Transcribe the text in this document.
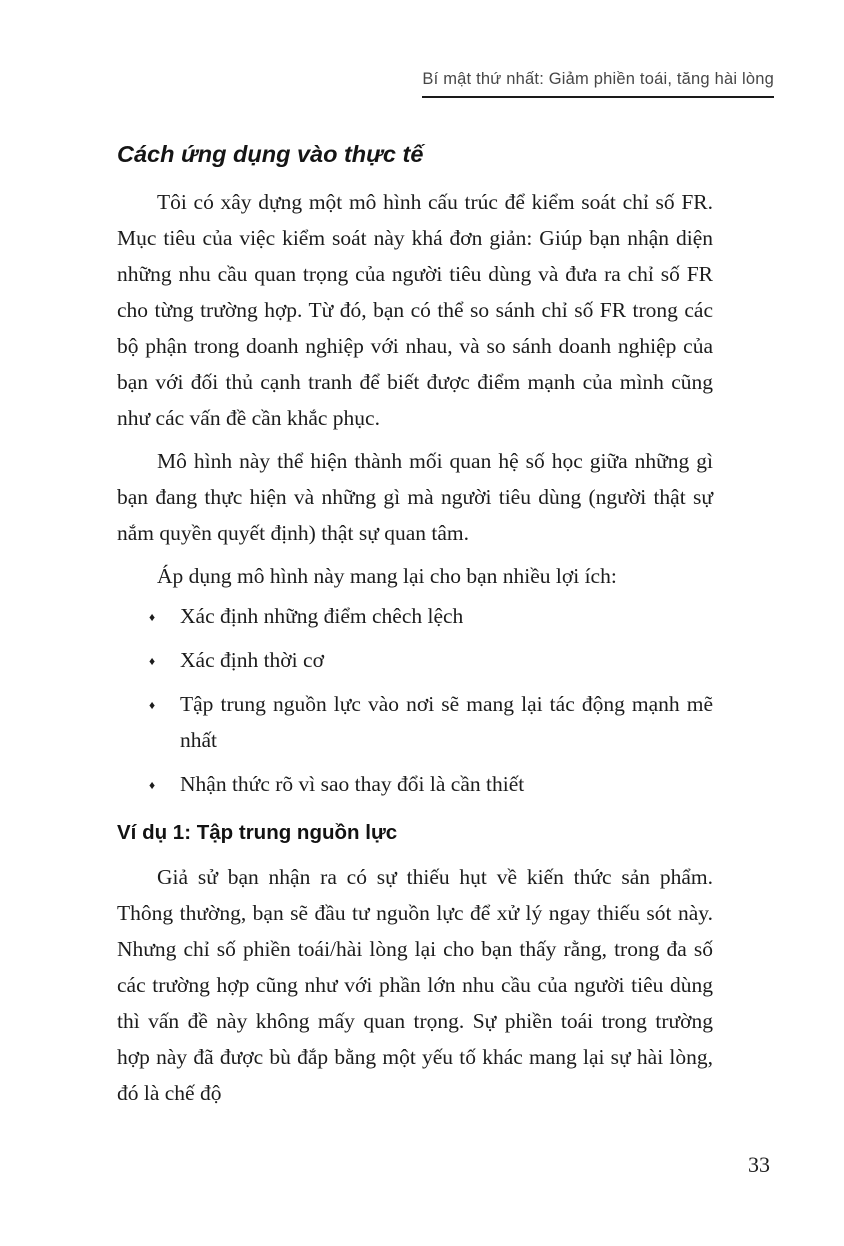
Bí mật thứ nhất: Giảm phiền toái, tăng hài lòng
Cách ứng dụng vào thực tế

Tôi có xây dựng một mô hình cấu trúc để kiểm soát chỉ số FR. Mục tiêu của việc kiểm soát này khá đơn giản: Giúp bạn nhận diện những nhu cầu quan trọng của người tiêu dùng và đưa ra chỉ số FR cho từng trường hợp. Từ đó, bạn có thể so sánh chỉ số FR trong các bộ phận trong doanh nghiệp với nhau, và so sánh doanh nghiệp của bạn với đối thủ cạnh tranh để biết được điểm mạnh của mình cũng như các vấn đề cần khắc phục.

Mô hình này thể hiện thành mối quan hệ số học giữa những gì bạn đang thực hiện và những gì mà người tiêu dùng (người thật sự nắm quyền quyết định) thật sự quan tâm.

Áp dụng mô hình này mang lại cho bạn nhiều lợi ích:

♦ Xác định những điểm chêch lệch
♦ Xác định thời cơ
♦ Tập trung nguồn lực vào nơi sẽ mang lại tác động mạnh mẽ nhất
♦ Nhận thức rõ vì sao thay đổi là cần thiết
Ví dụ 1: Tập trung nguồn lực

Giả sử bạn nhận ra có sự thiếu hụt về kiến thức sản phẩm. Thông thường, bạn sẽ đầu tư nguồn lực để xử lý ngay thiếu sót này. Nhưng chỉ số phiền toái/hài lòng lại cho bạn thấy rằng, trong đa số các trường hợp cũng như với phần lớn nhu cầu của người tiêu dùng thì vấn đề này không mấy quan trọng. Sự phiền toái trong trường hợp này đã được bù đắp bằng một yếu tố khác mang lại sự hài lòng, đó là chế độ

33
